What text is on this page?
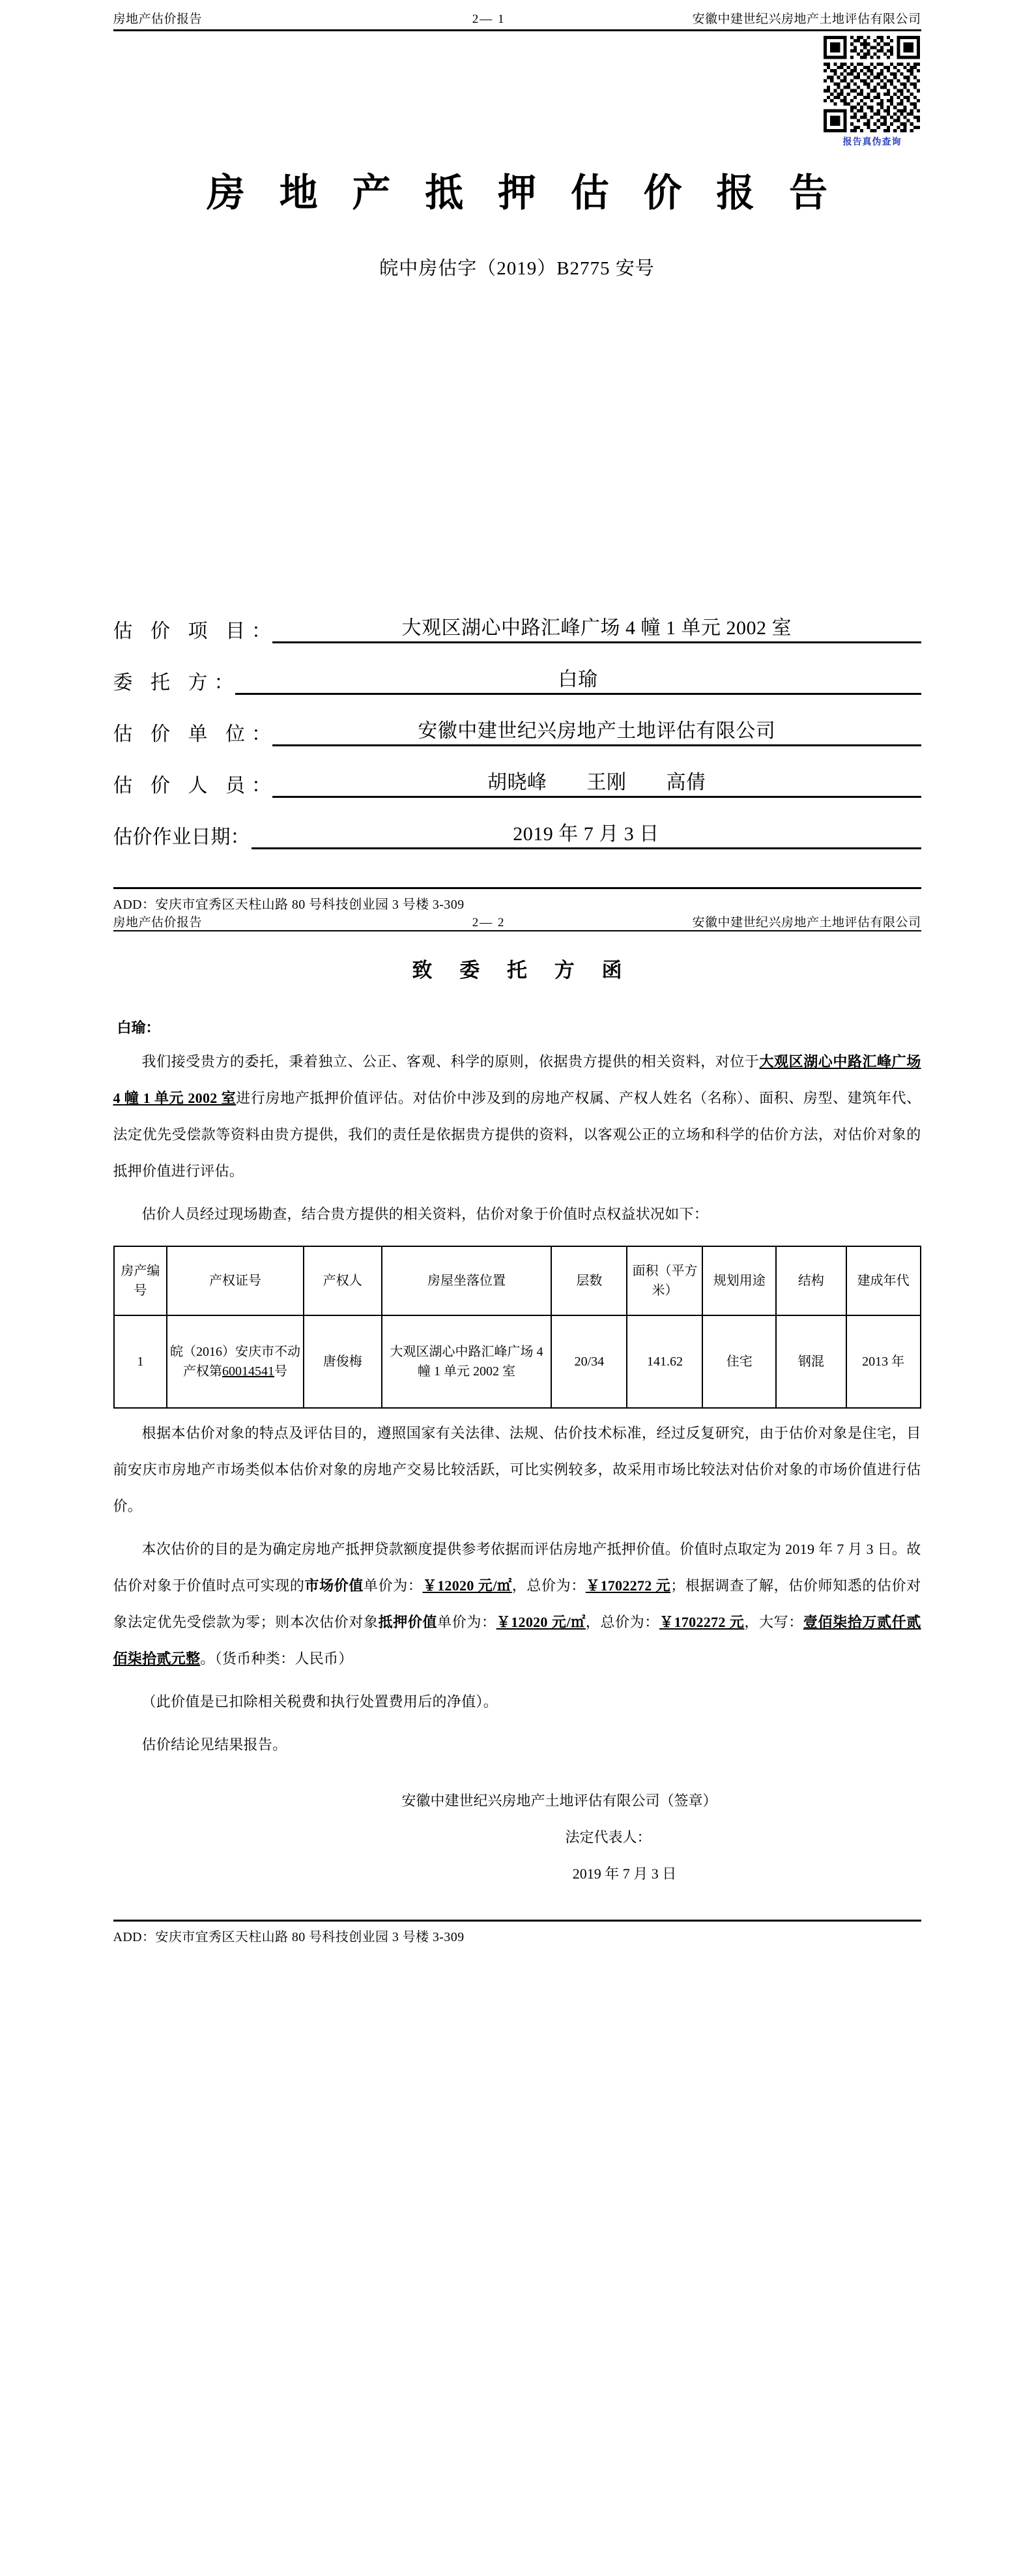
房地产估价报告	2— 1	安徽中建世纪兴房地产土地评估有限公司
报告真伪查询
房 地 产 抵 押 估 价 报 告
皖中房估字（2019）B2775 安号
估 价 项 目 ：	大观区湖心中路汇峰广场 4 幢 1 单元 2002 室
委 托 方 ：	白瑜
估 价 单 位 ：	安徽中建世纪兴房地产土地评估有限公司
估 价 人 员 ：	胡晓峰　　王刚　　高倩
估价作业日期 ：	2019 年 7 月 3 日
ADD：安庆市宜秀区天柱山路 80 号科技创业园 3 号楼 3-309
房地产估价报告	2— 2	安徽中建世纪兴房地产土地评估有限公司
致 委 托 方 函
白瑜：

我们接受贵方的委托，秉着独立、公正、客观、科学的原则，依据贵方提供的相关资料，对位于大观区湖心中路汇峰广场 4 幢 1 单元 2002 室进行房地产抵押价值评估。对估价中涉及到的房地产权属、产权人姓名（名称）、面积、房型、建筑年代、法定优先受偿款等资料由贵方提供，我们的责任是依据贵方提供的资料，以客观公正的立场和科学的估价方法，对估价对象的抵押价值进行评估。

估价人员经过现场勘查，结合贵方提供的相关资料，估价对象于价值时点权益状况如下：

房产编号	产权证号	产权人	房屋坐落位置	层数	面积（平方米）	规划用途	结构	建成年代
1	皖（2016）安庆市不动产权第60014541号	唐俊梅	大观区湖心中路汇峰广场 4 幢 1 单元 2002 室	20/34	141.62	住宅	钢混	2013 年

根据本估价对象的特点及评估目的，遵照国家有关法律、法规、估价技术标准，经过反复研究，由于估价对象是住宅，目前安庆市房地产市场类似本估价对象的房地产交易比较活跃，可比实例较多，故采用市场比较法对估价对象的市场价值进行估价。

本次估价的目的是为确定房地产抵押贷款额度提供参考依据而评估房地产抵押价值。价值时点取定为 2019 年 7 月 3 日。故估价对象于价值时点可实现的市场价值单价为：￥12020 元/㎡，总价为：￥1702272 元；根据调查了解，估价师知悉的估价对象法定优先受偿款为零；则本次估价对象抵押价值单价为：￥12020 元/㎡，总价为：￥1702272 元，大写：壹佰柒拾万贰仟贰佰柒拾贰元整。（货币种类：人民币）

（此价值是已扣除相关税费和执行处置费用后的净值）。

估价结论见结果报告。

安徽中建世纪兴房地产土地评估有限公司（签章）
法定代表人：
2019 年 7 月 3 日
ADD：安庆市宜秀区天柱山路 80 号科技创业园 3 号楼 3-309
